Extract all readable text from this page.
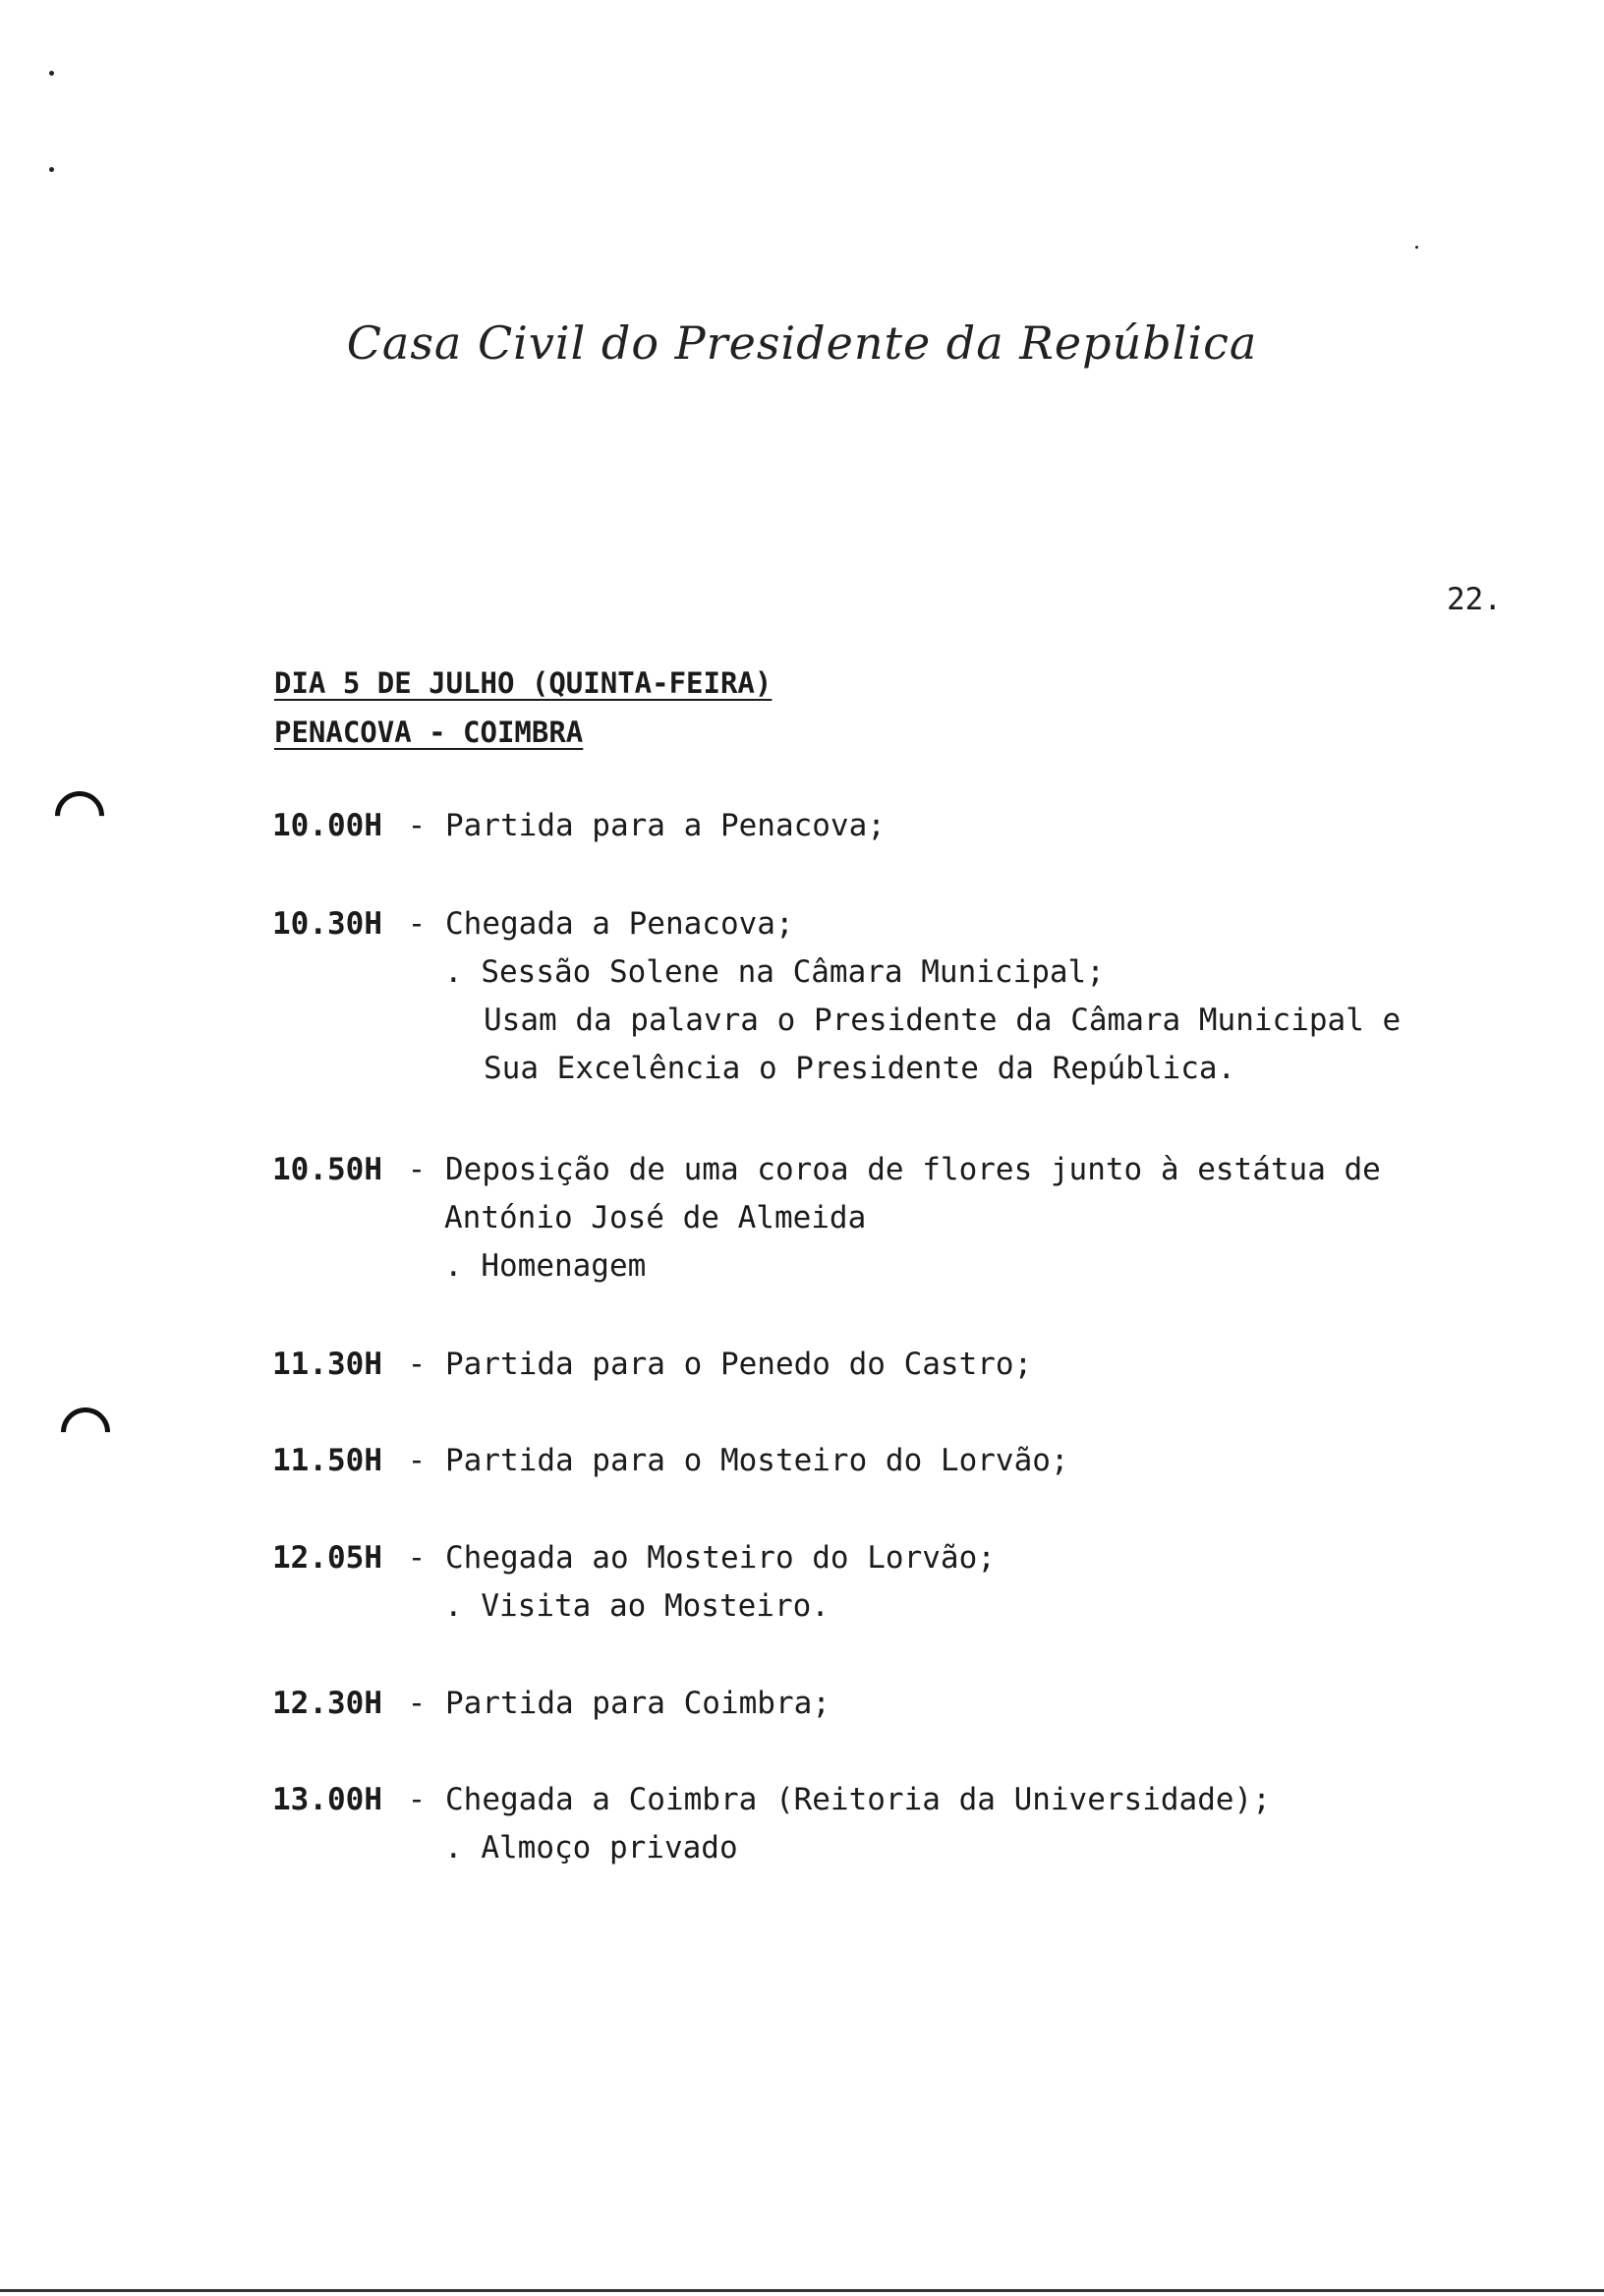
Casa Civil do Presidente da República
22.
DIA 5 DE JULHO (QUINTA-FEIRA)
PENACOVA - COIMBRA
10.00H - Partida para a Penacova;
10.30H - Chegada a Penacova;
. Sessão Solene na Câmara Municipal;
Usam da palavra o Presidente da Câmara Municipal e
Sua Excelência o Presidente da República.
10.50H - Deposição de uma coroa de flores junto à estátua de
António José de Almeida
. Homenagem
11.30H - Partida para o Penedo do Castro;
11.50H - Partida para o Mosteiro do Lorvão;
12.05H - Chegada ao Mosteiro do Lorvão;
. Visita ao Mosteiro.
12.30H - Partida para Coimbra;
13.00H - Chegada a Coimbra (Reitoria da Universidade);
. Almoço privado
